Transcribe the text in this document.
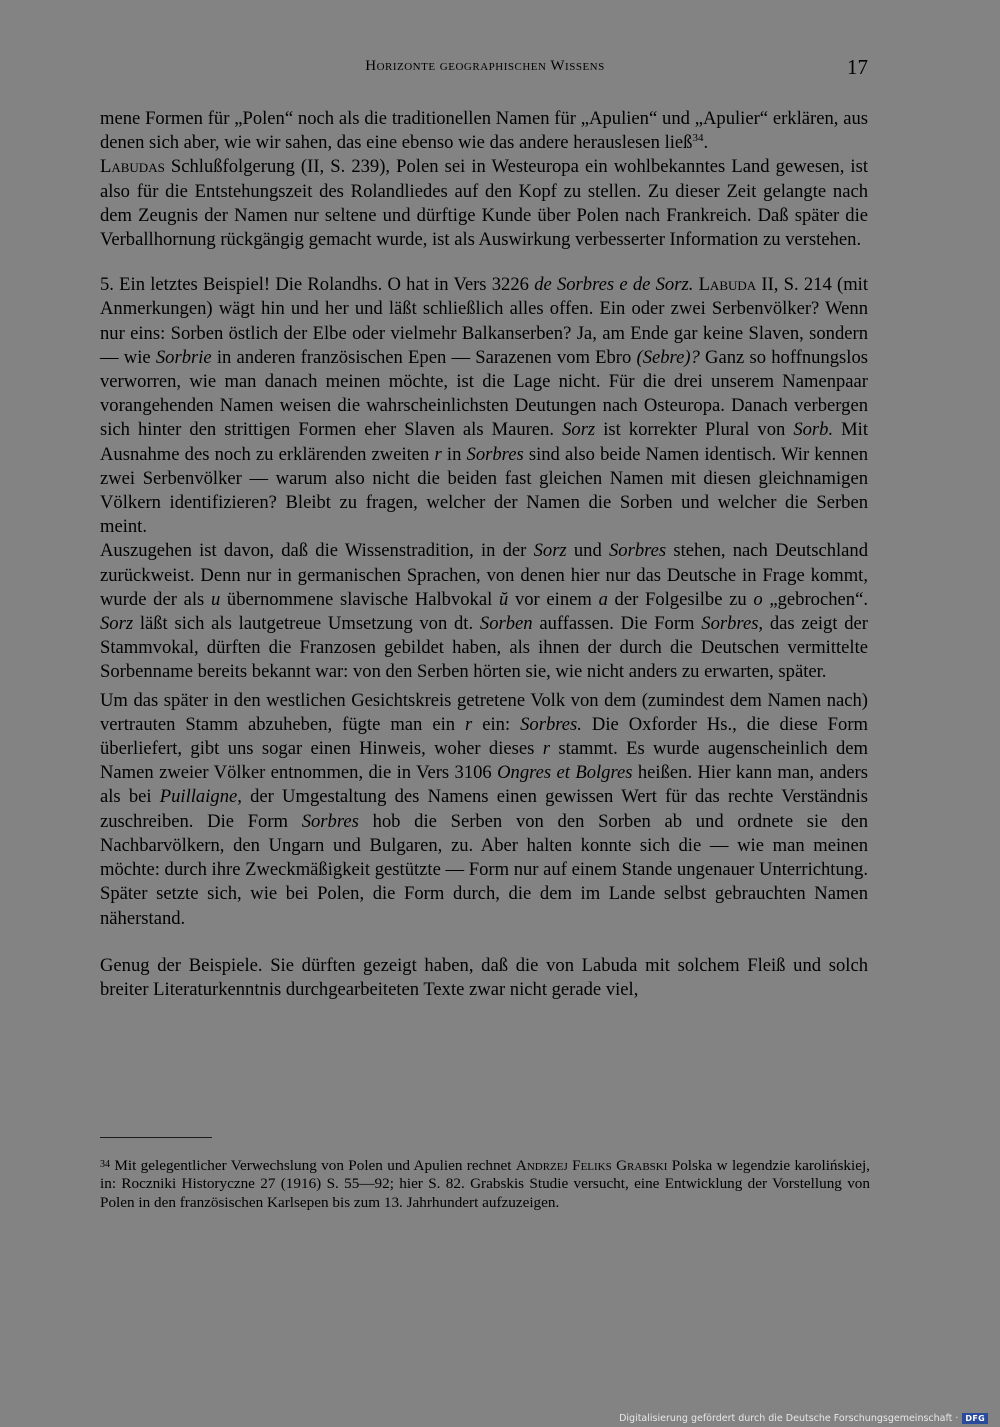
Horizonte geographischen Wissens	17

mene Formen für „Polen“ noch als die traditionellen Namen für „Apulien“ und „Apulier“ erklären, aus denen sich aber, wie wir sahen, das eine ebenso wie das andere herauslesen ließ$^{34}$.

Labudas Schlußfolgerung (II, S. 239), Polen sei in Westeuropa ein wohlbekanntes Land gewesen, ist also für die Entstehungszeit des Rolandliedes auf den Kopf zu stellen. Zu dieser Zeit gelangte nach dem Zeugnis der Namen nur seltene und dürftige Kunde über Polen nach Frankreich. Daß später die Verballhornung rückgängig gemacht wurde, ist als Auswirkung verbesserter Information zu verstehen.

5. Ein letztes Beispiel! Die Rolandhs. O hat in Vers 3226 de Sorbres e de Sorz. Labuda II, S. 214 (mit Anmerkungen) wägt hin und her und läßt schließlich alles offen. Ein oder zwei Serbenvölker? Wenn nur eins: Sorben östlich der Elbe oder vielmehr Balkanserben? Ja, am Ende gar keine Slaven, sondern — wie Sorbrie in anderen französischen Epen — Sarazenen vom Ebro (Sebre)? Ganz so hoffnungslos verworren, wie man danach meinen möchte, ist die Lage nicht. Für die drei unserem Namenpaar vorangehenden Namen weisen die wahrscheinlichsten Deutungen nach Osteuropa. Danach verbergen sich hinter den strittigen Formen eher Slaven als Mauren. Sorz ist korrekter Plural von Sorb. Mit Ausnahme des noch zu erklärenden zweiten r in Sorbres sind also beide Namen identisch. Wir kennen zwei Serbenvölker — warum also nicht die beiden fast gleichen Namen mit diesen gleichnamigen Völkern identifizieren? Bleibt zu fragen, welcher der Namen die Sorben und welcher die Serben meint.

Auszugehen ist davon, daß die Wissenstradition, in der Sorz und Sorbres stehen, nach Deutschland zurückweist. Denn nur in germanischen Sprachen, von denen hier nur das Deutsche in Frage kommt, wurde der als u übernommene slavische Halbvokal ŭ vor einem a der Folgesilbe zu o „gebrochen“. Sorz läßt sich als lautgetreue Umsetzung von dt. Sorben auffassen. Die Form Sorbres, das zeigt der Stammvokal, dürften die Franzosen gebildet haben, als ihnen der durch die Deutschen vermittelte Sorbenname bereits bekannt war: von den Serben hörten sie, wie nicht anders zu erwarten, später.

Um das später in den westlichen Gesichtskreis getretene Volk von dem (zumindest dem Namen nach) vertrauten Stamm abzuheben, fügte man ein r ein: Sorbres. Die Oxforder Hs., die diese Form überliefert, gibt uns sogar einen Hinweis, woher dieses r stammt. Es wurde augenscheinlich dem Namen zweier Völker entnommen, die in Vers 3106 Ongres et Bolgres heißen. Hier kann man, anders als bei Puillaigne, der Umgestaltung des Namens einen gewissen Wert für das rechte Verständnis zuschreiben. Die Form Sorbres hob die Serben von den Sorben ab und ordnete sie den Nachbarvölkern, den Ungarn und Bulgaren, zu. Aber halten konnte sich die — wie man meinen möchte: durch ihre Zweckmäßigkeit gestützte — Form nur auf einem Stande ungenauer Unterrichtung. Später setzte sich, wie bei Polen, die Form durch, die dem im Lande selbst gebrauchten Namen näherstand.

Genug der Beispiele. Sie dürften gezeigt haben, daß die von Labuda mit solchem Fleiß und solch breiter Literaturkenntnis durchgearbeiteten Texte zwar nicht gerade viel,

34 Mit gelegentlicher Verwechslung von Polen und Apulien rechnet Andrzej Feliks Grabski Polska w legendzie karolińskiej, in: Roczniki Historyczne 27 (1916) S. 55—92; hier S. 82. Grabskis Studie versucht, eine Entwicklung der Vorstellung von Polen in den französischen Karlsepen bis zum 13. Jahrhundert aufzuzeigen.

Digitalisierung gefördert durch die Deutsche Forschungsgemeinschaft · DFG
